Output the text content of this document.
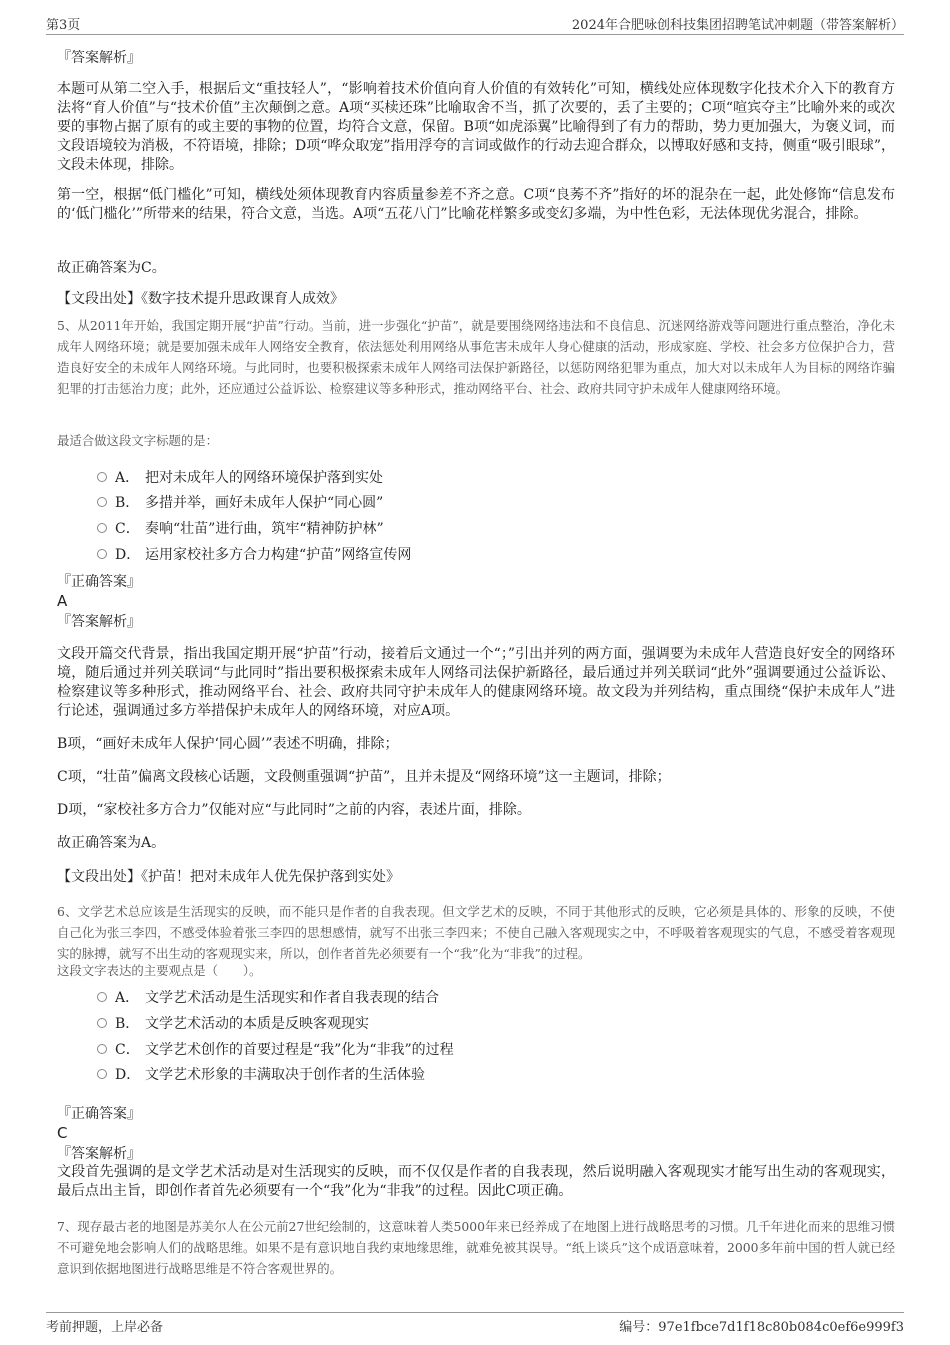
第3页	2024年合肥咏创科技集团招聘笔试冲刺题（带答案解析）

『答案解析』

本题可从第二空入手，根据后文“重技轻人”，“影响着技术价值向育人价值的有效转化”可知，横线处应体现数字化技术介入下的教育方法将“育人价值”与“技术价值”主次颠倒之意。A项“买椟还珠”比喻取舍不当，抓了次要的，丢了主要的；C项“喧宾夺主”比喻外来的或次要的事物占据了原有的或主要的事物的位置，均符合文意，保留。B项“如虎添翼”比喻得到了有力的帮助，势力更加强大，为褒义词，而文段语境较为消极，不符语境，排除；D项“哗众取宠”指用浮夸的言词或做作的行动去迎合群众，以博取好感和支持，侧重“吸引眼球”，文段未体现，排除。

第一空，根据“低门槛化”可知，横线处须体现教育内容质量参差不齐之意。C项“良莠不齐”指好的坏的混杂在一起，此处修饰“信息发布的‘低门槛化’”所带来的结果，符合文意，当选。A项“五花八门”比喻花样繁多或变幻多端，为中性色彩，无法体现优劣混合，排除。

故正确答案为C。

【文段出处】《数字技术提升思政课育人成效》

5、从2011年开始，我国定期开展“护苗”行动。当前，进一步强化“护苗”，就是要围绕网络违法和不良信息、沉迷网络游戏等问题进行重点整治，净化未成年人网络环境；就是要加强未成年人网络安全教育，依法惩处利用网络从事危害未成年人身心健康的活动，形成家庭、学校、社会多方位保护合力，营造良好安全的未成年人网络环境。与此同时，也要积极探索未成年人网络司法保护新路径，以惩防网络犯罪为重点，加大对以未成年人为目标的网络诈骗犯罪的打击惩治力度；此外，还应通过公益诉讼、检察建议等多种形式，推动网络平台、社会、政府共同守护未成年人健康网络环境。

最适合做这段文字标题的是：

A． 把对未成年人的网络环境保护落到实处
B． 多措并举，画好未成年人保护“同心圆”
C． 奏响“壮苗”进行曲，筑牢“精神防护林”
D． 运用家校社多方合力构建“护苗”网络宣传网

『正确答案』

A

『答案解析』

文段开篇交代背景，指出我国定期开展“护苗”行动，接着后文通过一个“；”引出并列的两方面，强调要为未成年人营造良好安全的网络环境，随后通过并列关联词“与此同时”指出要积极探索未成年人网络司法保护新路径，最后通过并列关联词“此外”强调要通过公益诉讼、检察建议等多种形式，推动网络平台、社会、政府共同守护未成年人的健康网络环境。故文段为并列结构，重点围绕“保护未成年人”进行论述，强调通过多方举措保护未成年人的网络环境，对应A项。

B项，“画好未成年人保护‘同心圆’”表述不明确，排除；

C项，“壮苗”偏离文段核心话题，文段侧重强调“护苗”，且并未提及“网络环境”这一主题词，排除；

D项，“家校社多方合力”仅能对应“与此同时”之前的内容，表述片面，排除。

故正确答案为A。

【文段出处】《护苗！把对未成年人优先保护落到实处》

6、文学艺术总应该是生活现实的反映，而不能只是作者的自我表现。但文学艺术的反映，不同于其他形式的反映，它必须是具体的、形象的反映，不使自己化为张三李四，不感受体验着张三李四的思想感情，就写不出张三李四来；不使自己融入客观现实之中，不呼吸着客观现实的气息，不感受着客观现实的脉搏，就写不出生动的客观现实来，所以，创作者首先必须要有一个“我”化为“非我”的过程。

这段文字表达的主要观点是（　　）。

A． 文学艺术活动是生活现实和作者自我表现的结合
B． 文学艺术活动的本质是反映客观现实
C． 文学艺术创作的首要过程是“我”化为“非我”的过程
D． 文学艺术形象的丰满取决于创作者的生活体验

『正确答案』

C

『答案解析』

文段首先强调的是文学艺术活动是对生活现实的反映，而不仅仅是作者的自我表现，然后说明融入客观现实才能写出生动的客观现实，最后点出主旨，即创作者首先必须要有一个“我”化为“非我”的过程。因此C项正确。

7、现存最古老的地图是苏美尔人在公元前27世纪绘制的，这意味着人类5000年来已经养成了在地图上进行战略思考的习惯。几千年进化而来的思维习惯不可避免地会影响人们的战略思维。如果不是有意识地自我约束地缘思维，就难免被其误导。“纸上谈兵”这个成语意味着，2000多年前中国的哲人就已经意识到依据地图进行战略思维是不符合客观世界的。

考前押题，上岸必备	编号：97e1fbce7d1f18c80b084c0ef6e999f3
